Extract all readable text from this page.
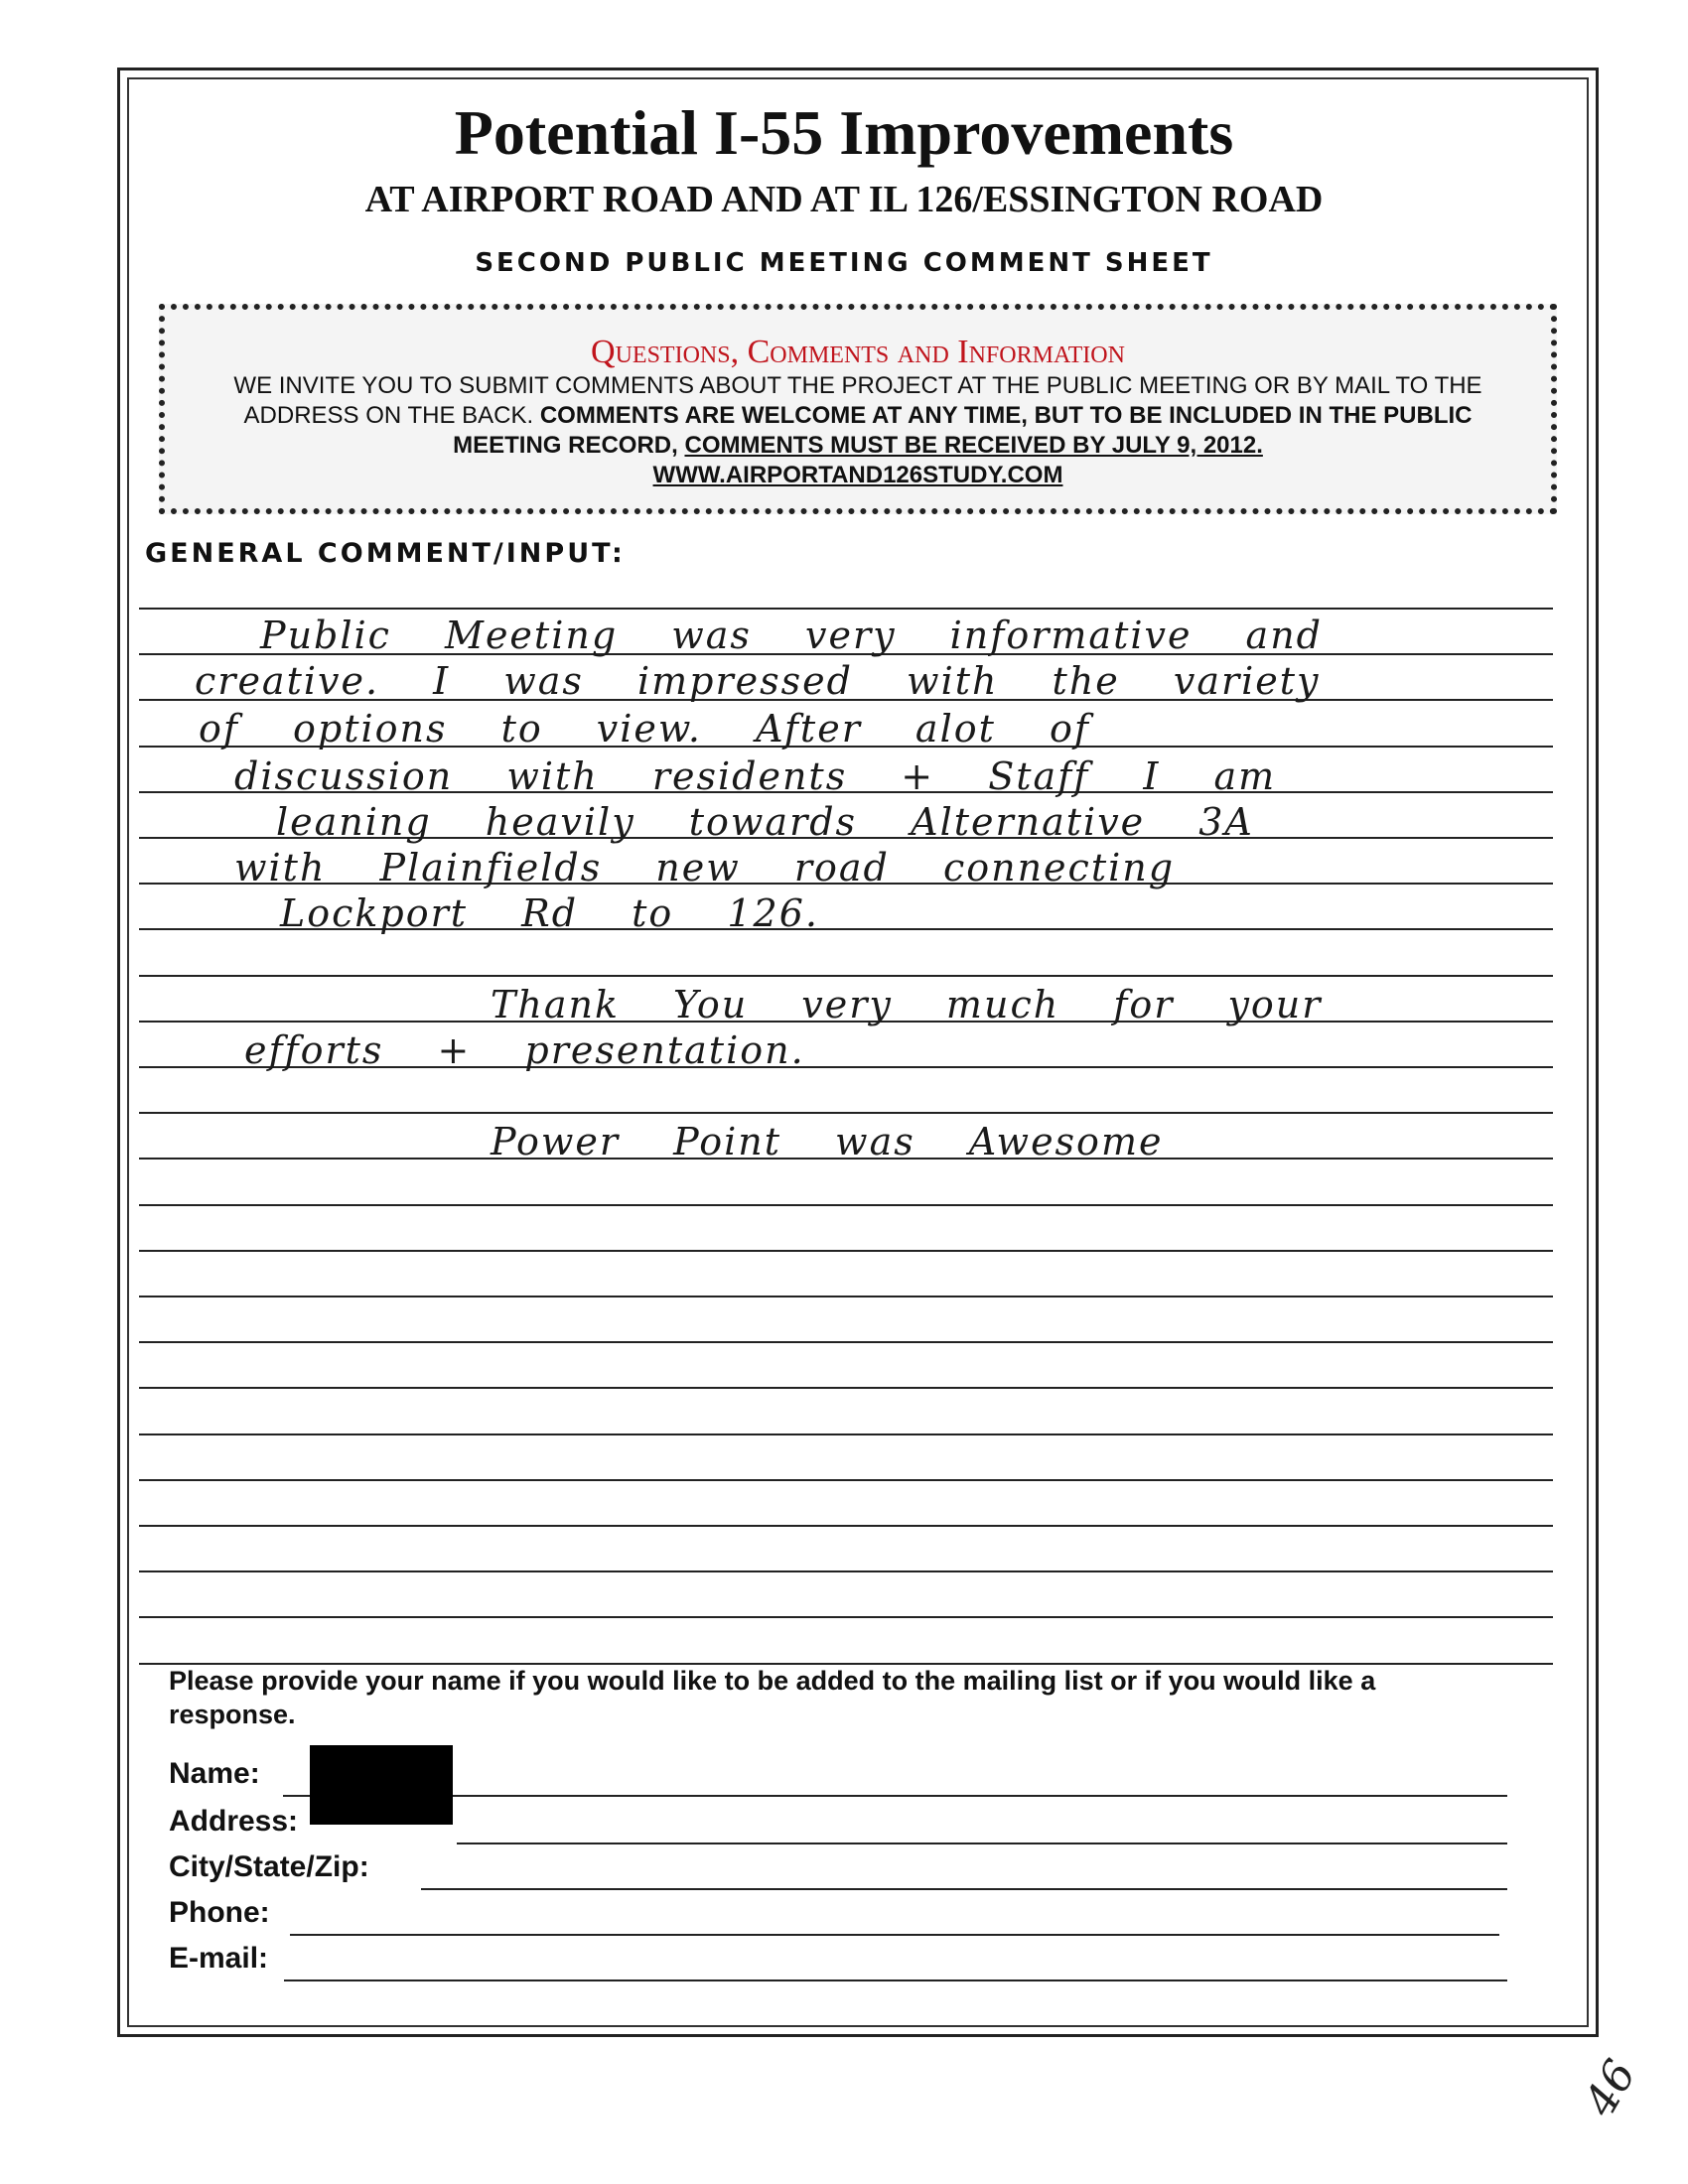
Potential I-55 Improvements
AT AIRPORT ROAD AND AT IL 126/ESSINGTON ROAD
SECOND PUBLIC MEETING COMMENT SHEET
Questions, Comments and Information
WE INVITE YOU TO SUBMIT COMMENTS ABOUT THE PROJECT AT THE PUBLIC MEETING OR BY MAIL TO THE ADDRESS ON THE BACK. COMMENTS ARE WELCOME AT ANY TIME, BUT TO BE INCLUDED IN THE PUBLIC MEETING RECORD, COMMENTS MUST BE RECEIVED BY JULY 9, 2012.
WWW.AIRPORTAND126STUDY.COM
GENERAL COMMENT/INPUT:
Public Meeting was very informative and
creative. I was impressed with the variety
of options to view. After alot of
discussion with residents + Staff I am
leaning heavily towards Alternative 3A
with Plainfields new road connecting
Lockport Rd to 126.
Thank You very much for your
efforts + presentation.
Power Point was Awesome
Please provide your name if you would like to be added to the mailing list or if you would like a response.
Name:
Address:
City/State/Zip:
Phone:
E-mail:
46
